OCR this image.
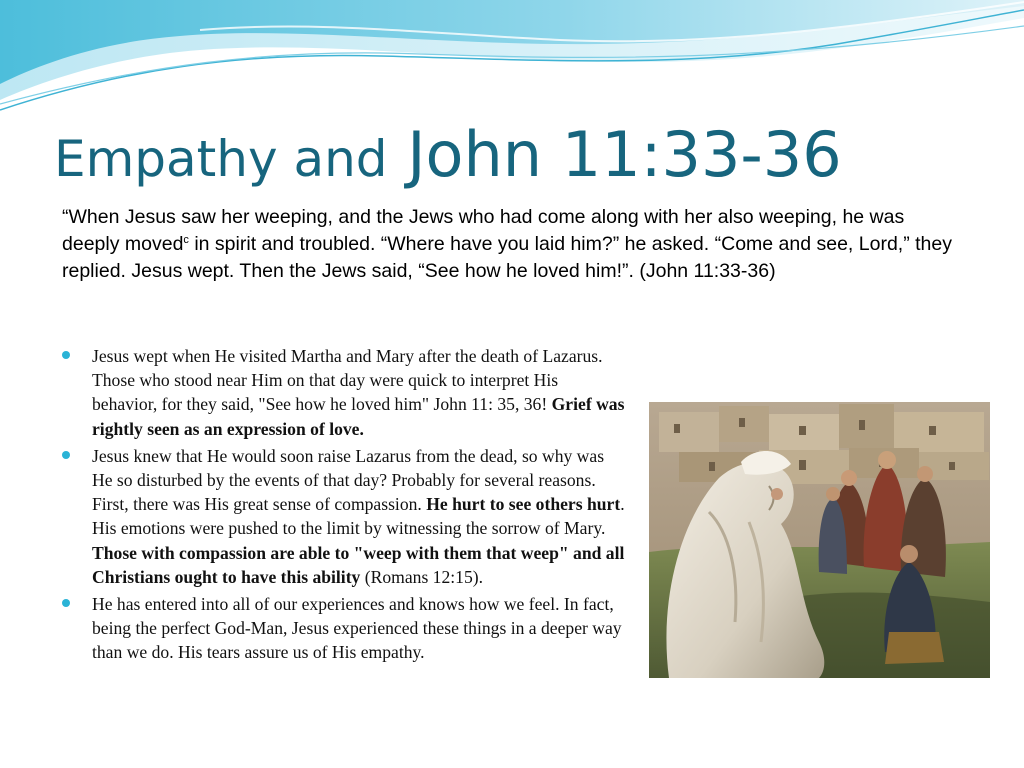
Empathy and John 11:33-36

“When Jesus saw her weeping, and the Jews who had come along with her also weeping, he was deeply moved$^c$ in spirit and troubled. “Where have you laid him?” he asked. “Come and see, Lord,” they replied. Jesus wept. Then the Jews said, “See how he loved him!”. (John 11:33-36)

Jesus wept when He visited Martha and Mary after the death of Lazarus. Those who stood near Him on that day were quick to interpret His behavior, for they said, "See how he loved him" John 11: 35, 36! Grief was rightly seen as an expression of love.
Jesus knew that He would soon raise Lazarus from the dead, so why was He so disturbed by the events of that day? Probably for several reasons. First, there was His great sense of compassion. He hurt to see others hurt. His emotions were pushed to the limit by witnessing the sorrow of Mary. Those with compassion are able to "weep with them that weep" and all Christians ought to have this ability (Romans 12:15).
He has entered into all of our experiences and knows how we feel. In fact, being the perfect God-Man, Jesus experienced these things in a deeper way than we do. His tears assure us of His empathy.
